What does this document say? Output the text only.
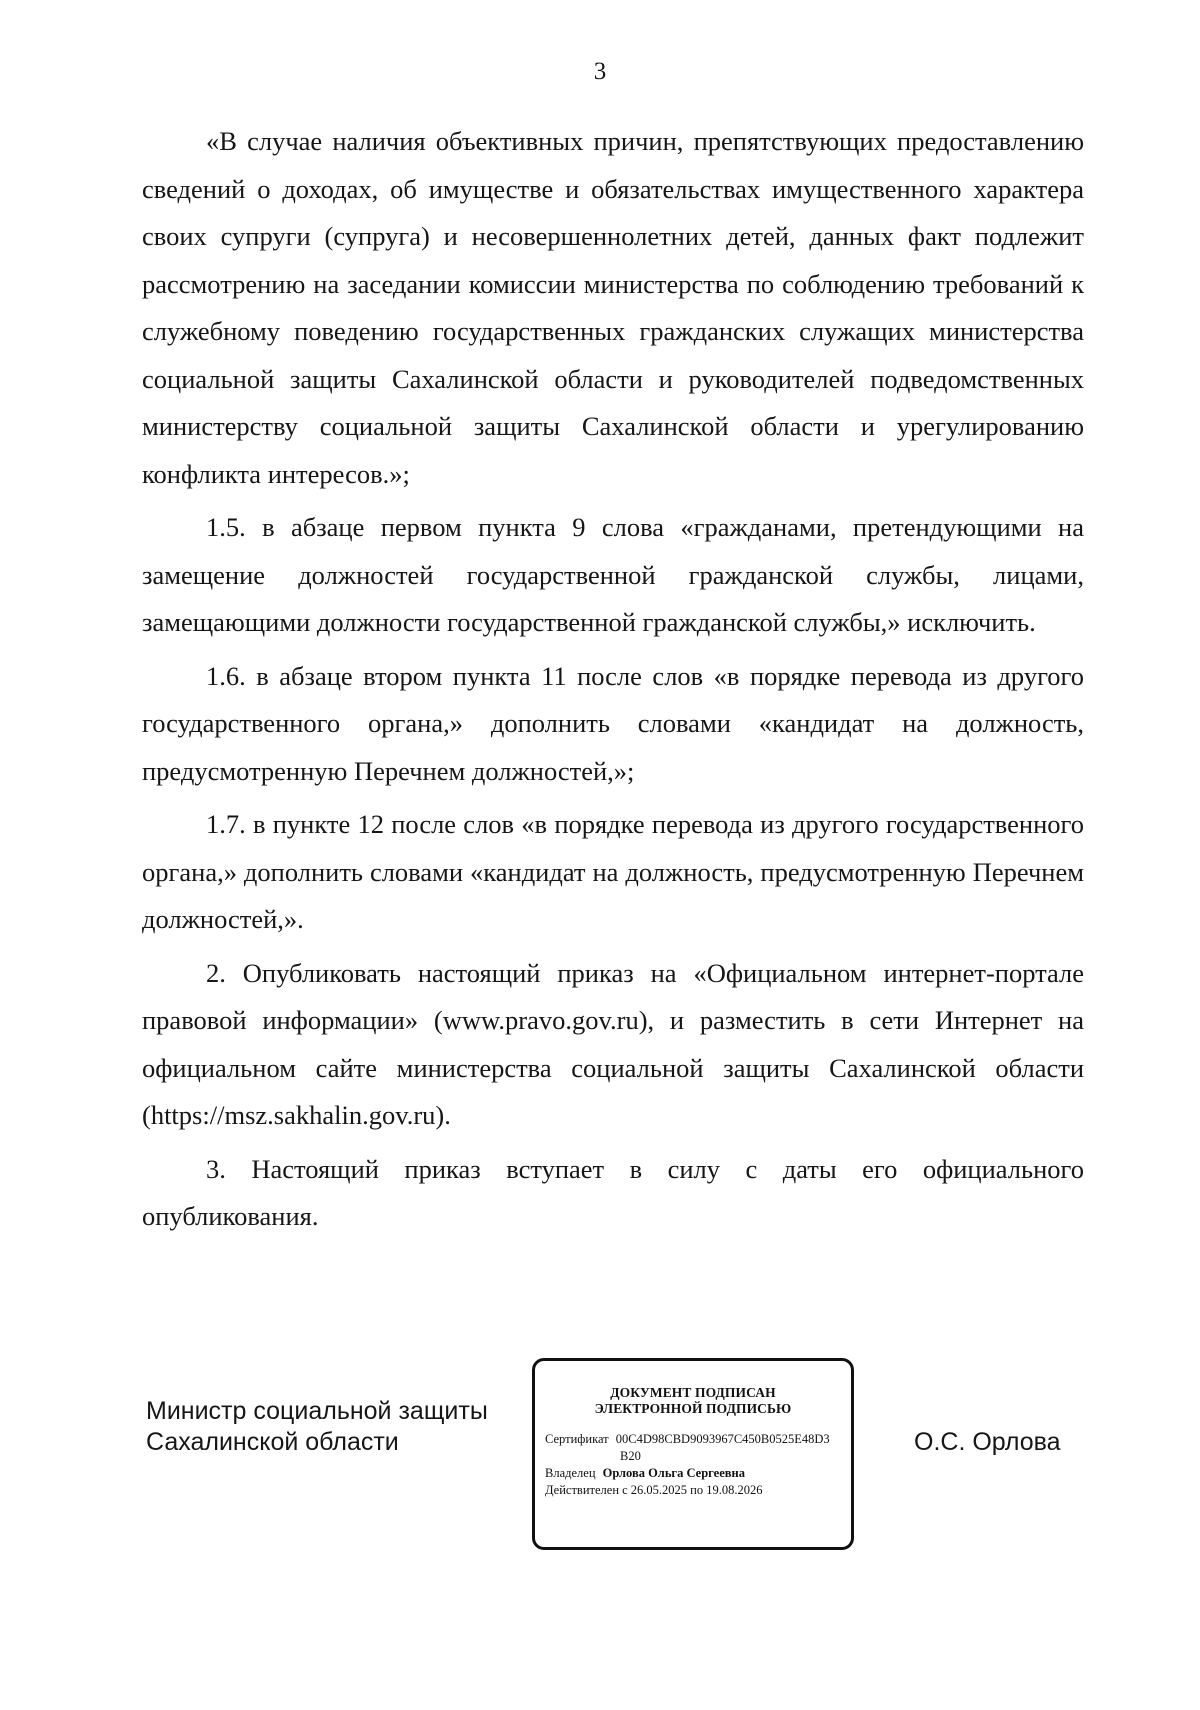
3

«В случае наличия объективных причин, препятствующих предоставлению сведений о доходах, об имуществе и обязательствах имущественного характера своих супруги (супруга) и несовершеннолетних детей, данных факт подлежит рассмотрению на заседании комиссии министерства по соблюдению требований к служебному поведению государственных гражданских служащих министерства социальной защиты Сахалинской области и руководителей подведомственных министерству социальной защиты Сахалинской области и урегулированию конфликта интересов.»;

1.5. в абзаце первом пункта 9 слова «гражданами, претендующими на замещение должностей государственной гражданской службы, лицами, замещающими должности государственной гражданской службы,» исключить.

1.6. в абзаце втором пункта 11 после слов «в порядке перевода из другого государственного органа,» дополнить словами «кандидат на должность, предусмотренную Перечнем должностей,»;

1.7. в пункте 12 после слов «в порядке перевода из другого государственного органа,» дополнить словами «кандидат на должность, предусмотренную Перечнем должностей,».

2. Опубликовать настоящий приказ на «Официальном интернет-портале правовой информации» (www.pravo.gov.ru), и разместить в сети Интернет на официальном сайте министерства социальной защиты Сахалинской области (https://msz.sakhalin.gov.ru).

3. Настоящий приказ вступает в силу с даты его официального опубликования.

Министр социальной защиты
Сахалинской области
ДОКУМЕНТ ПОДПИСАН
ЭЛЕКТРОННОЙ ПОДПИСЬЮ
Сертификат 00C4D98CBD9093967C450B0525E48D3
B20
Владелец Орлова Ольга Сергеевна
Действителен с 26.05.2025 по 19.08.2026
О.С. Орлова
